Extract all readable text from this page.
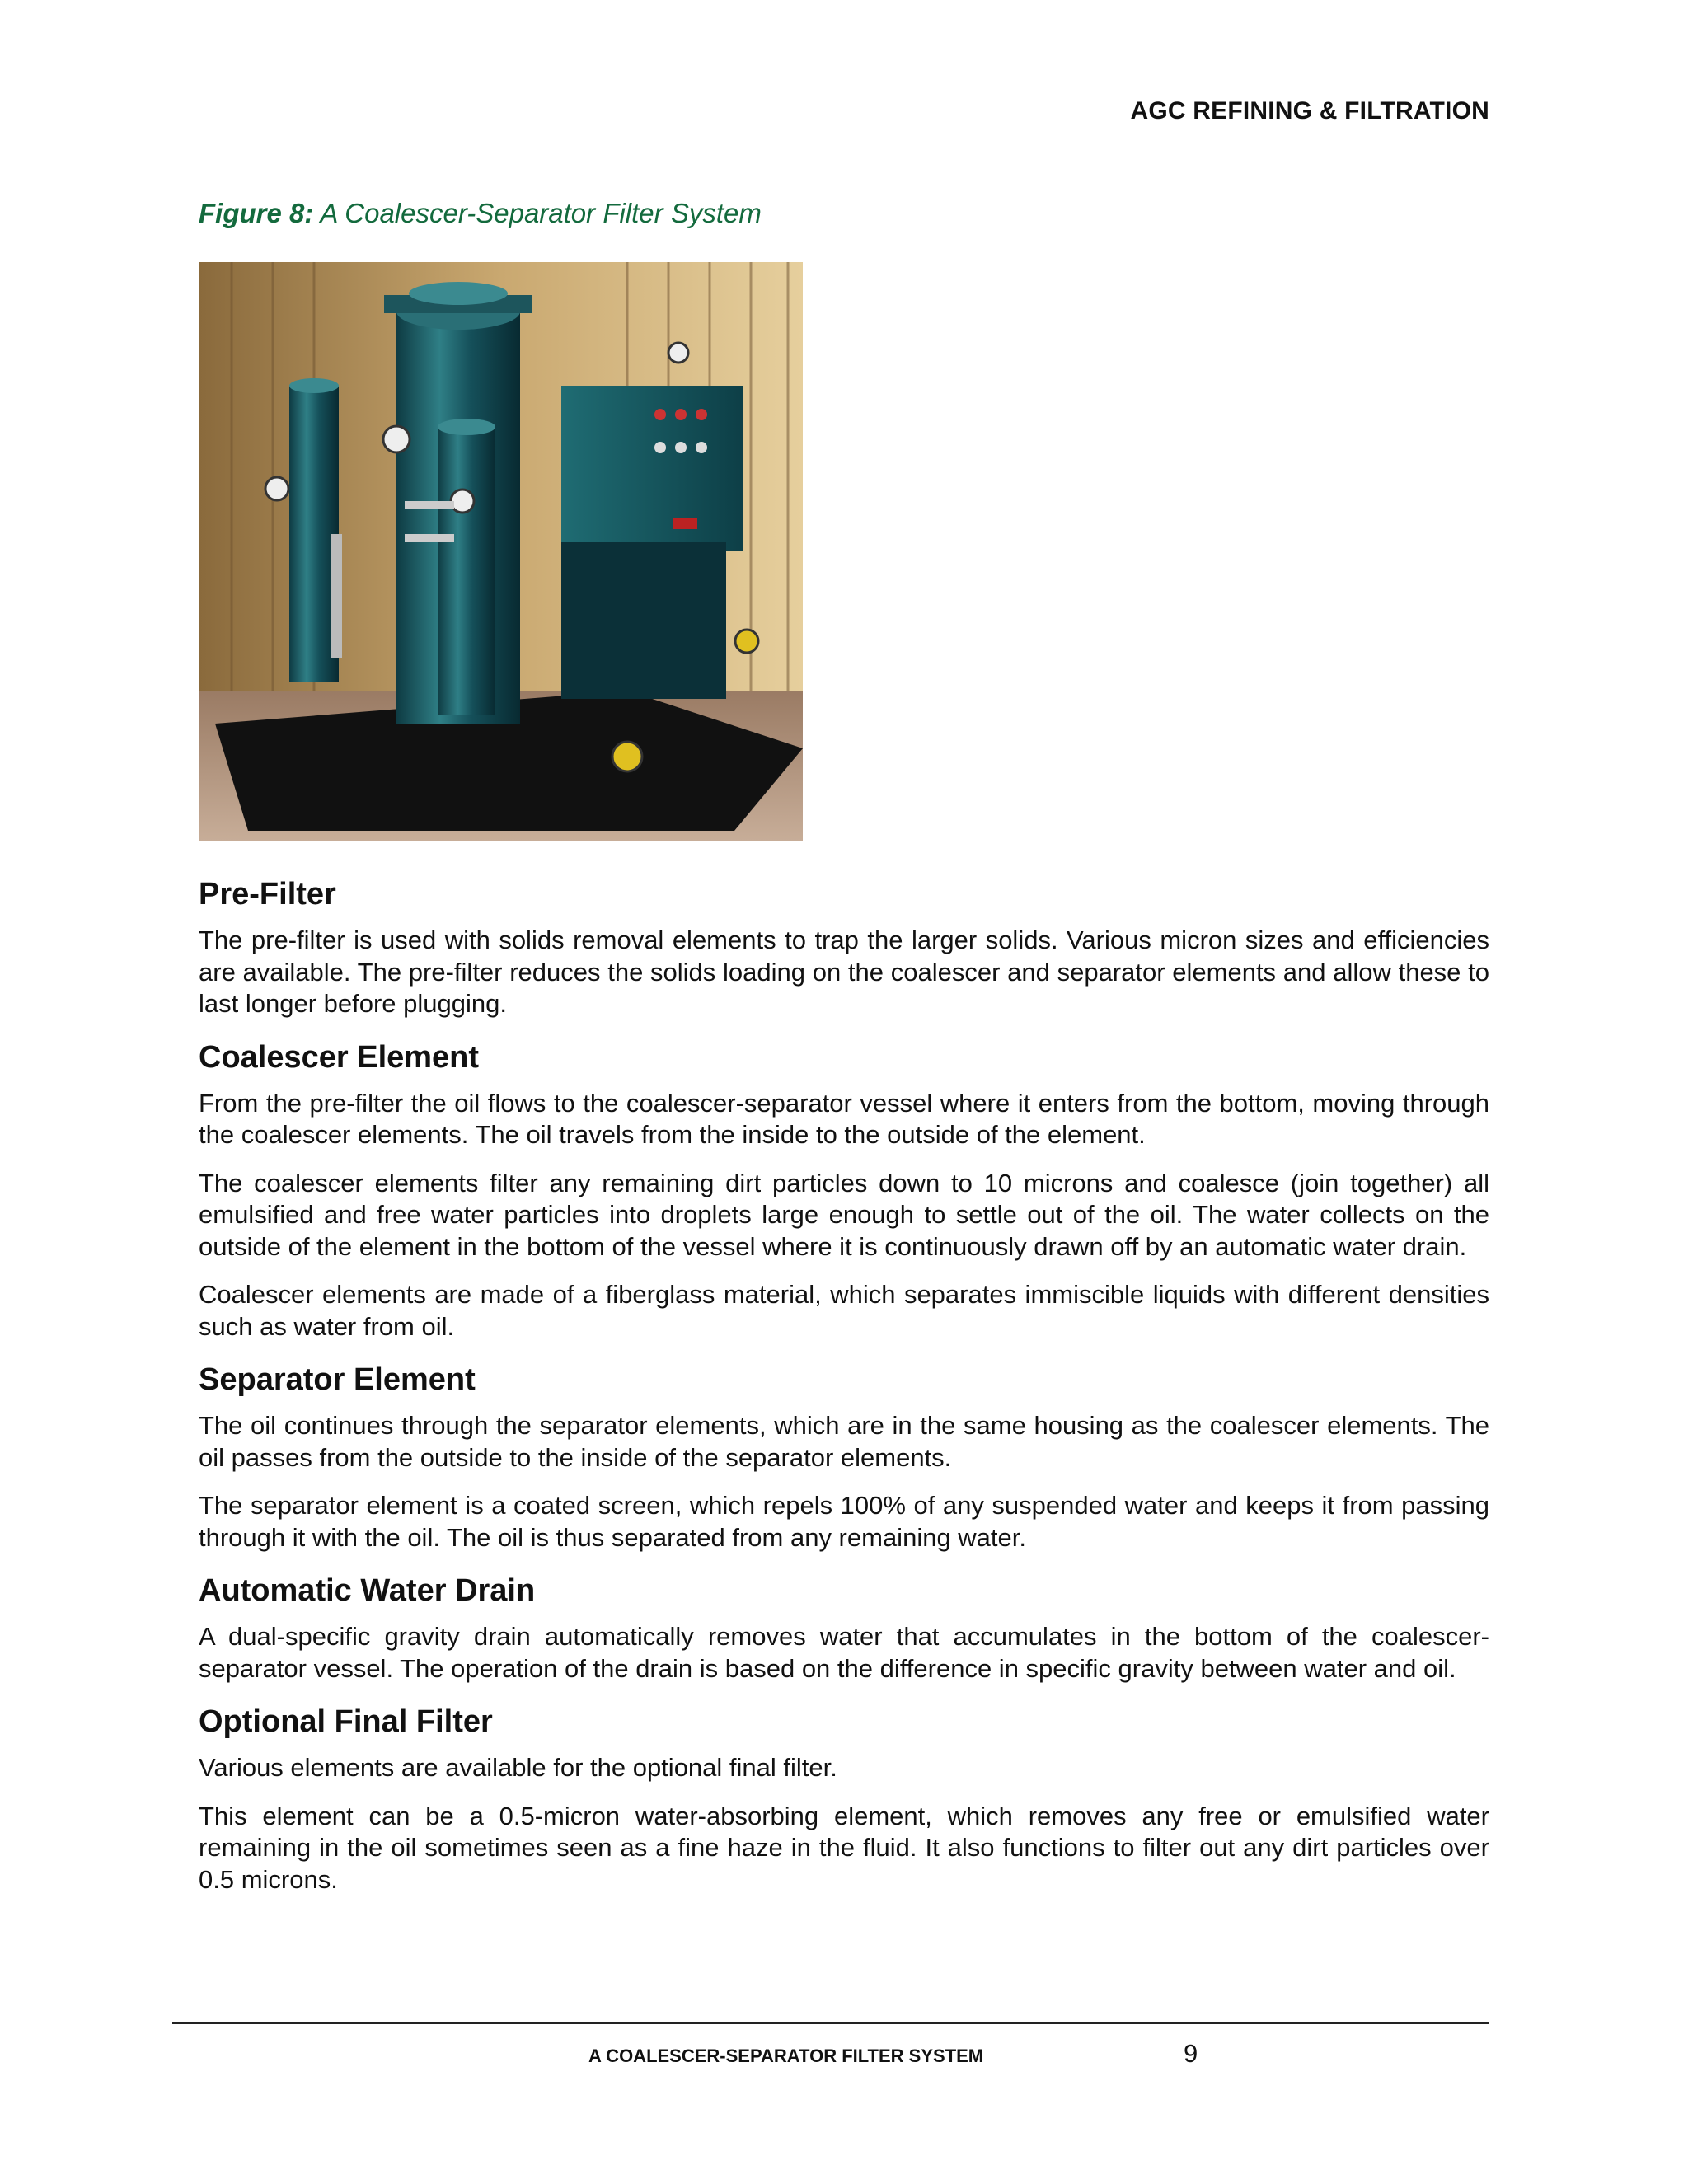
AGC REFINING & FILTRATION
Figure 8: A Coalescer-Separator Filter System
Pre-Filter

The pre-filter is used with solids removal elements to trap the larger solids. Various micron sizes and efficiencies are available. The pre-filter reduces the solids loading on the coalescer and separator elements and allow these to last longer before plugging.

Coalescer Element

From the pre-filter the oil flows to the coalescer-separator vessel where it enters from the bottom, moving through the coalescer elements. The oil travels from the inside to the outside of the element.

The coalescer elements filter any remaining dirt particles down to 10 microns and coalesce (join together) all emulsified and free water particles into droplets large enough to settle out of the oil. The water collects on the outside of the element in the bottom of the vessel where it is continuously drawn off by an automatic water drain.

Coalescer elements are made of a fiberglass material, which separates immiscible liquids with different densities such as water from oil.

Separator Element

The oil continues through the separator elements, which are in the same housing as the coalescer elements. The oil passes from the outside to the inside of the separator elements.

The separator element is a coated screen, which repels 100% of any suspended water and keeps it from passing through it with the oil. The oil is thus separated from any remaining water.

Automatic Water Drain

A dual-specific gravity drain automatically removes water that accumulates in the bottom of the coalescer-separator vessel. The operation of the drain is based on the difference in specific gravity between water and oil.

Optional Final Filter

Various elements are available for the optional final filter.

This element can be a 0.5-micron water-absorbing element, which removes any free or emulsified water remaining in the oil sometimes seen as a fine haze in the fluid. It also functions to filter out any dirt particles over 0.5 microns.

A COALESCER-SEPARATOR FILTER SYSTEM	9
